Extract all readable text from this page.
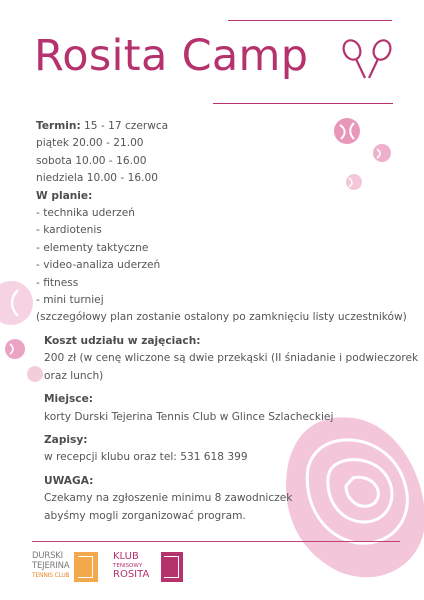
Rosita Camp
Termin: 15 - 17 czerwca
piątek 20.00 - 21.00
sobota 10.00 - 16.00
niedziela 10.00 - 16.00
W planie:
- technika uderzeń
- kardiotenis
- elementy taktyczne
- video-analiza uderzeń
- fitness
- mini turniej
(szczegółowy plan zostanie ostalony po zamknięciu listy uczestników)
Koszt udziału w zajęciach:
200 zł (w cenę wliczone są dwie przekąski (II śniadanie i podwieczorek
oraz lunch)
Miejsce:
korty Durski Tejerina Tennis Club w Glince Szlacheckiej
Zapisy:
w recepcji klubu oraz tel: 531 618 399
UWAGA:
Czekamy na zgłoszenie minimu 8 zawodniczek
abyśmy mogli zorganizować program.
DURSKI
TEJERINA
TENNIS CLUB
KLUB
TENISOWY
ROSITA
